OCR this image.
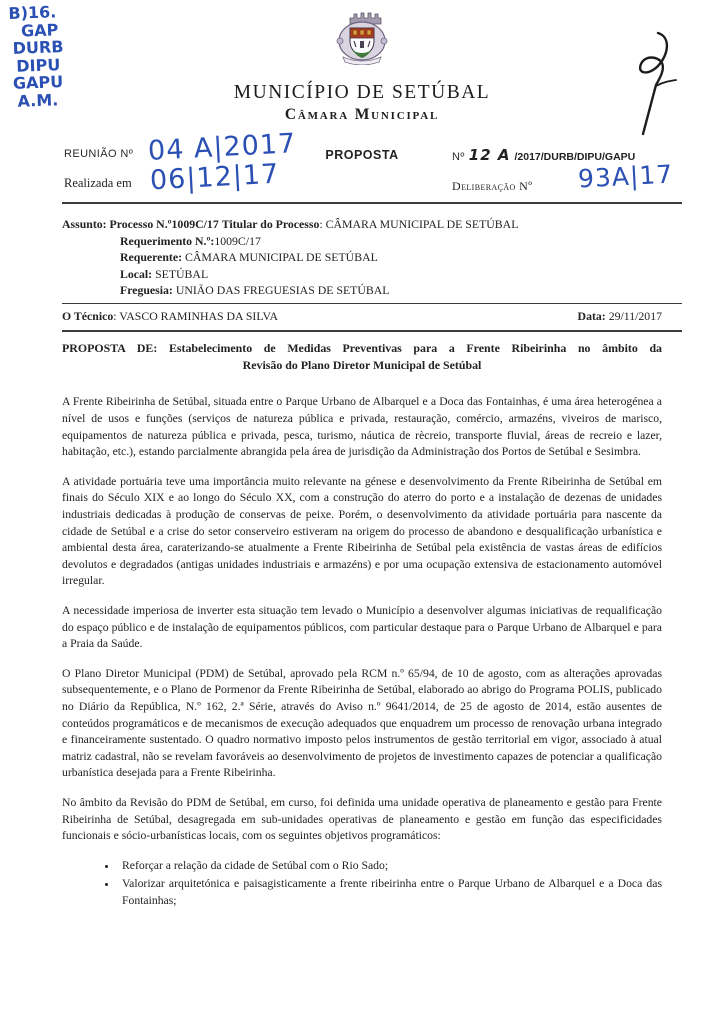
B)16.
GAP
DURB
DIPU
GAPU
A.M.	MUNICÍPIO DE SETÚBAL
Câmara Municipal
REUNIÃO Nº 04 A|2017
Realizada em 06|12|17
PROPOSTA	Nº 12 A /2017/DURB/DIPU/GAPU
Deliberação Nº 93A|17
Assunto: Processo N.º1009C/17 Titular do Processo: CÂMARA MUNICIPAL DE SETÚBAL
Requerimento N.º:1009C/17
Requerente: CÂMARA MUNICIPAL DE SETÚBAL
Local: SETÚBAL
Freguesia: UNIÃO DAS FREGUESIAS DE SETÚBAL
O Técnico: VASCO RAMINHAS DA SILVA	Data: 29/11/2017
PROPOSTA DE: Estabelecimento de Medidas Preventivas para a Frente Ribeirinha no âmbito da
Revisão do Plano Diretor Municipal de Setúbal

A Frente Ribeirinha de Setúbal, situada entre o Parque Urbano de Albarquel e a Doca das Fontainhas, é uma área heterogénea a nível de usos e funções (serviços de natureza pública e privada, restauração, comércio, armazéns, viveiros de marisco, equipamentos de natureza pública e privada, pesca, turismo, náutica de rècreio, transporte fluvial, áreas de recreio e lazer, habitação, etc.), estando parcialmente abrangida pela área de jurisdição da Administração dos Portos de Setúbal e Sesimbra.

A atividade portuária teve uma importância muito relevante na génese e desenvolvimento da Frente Ribeirinha de Setúbal em finais do Século XIX e ao longo do Século XX, com a construção do aterro do porto e a instalação de dezenas de unidades industriais dedicadas à produção de conservas de peixe. Porém, o desenvolvimento da atividade portuária para nascente da cidade de Setúbal e a crise do setor conserveiro estiveram na origem do processo de abandono e desqualificação urbanística e ambiental desta área, caraterizando-se atualmente a Frente Ribeirinha de Setúbal pela existência de vastas áreas de edifícios devolutos e degradados (antigas unidades industriais e armazéns) e por uma ocupação extensiva de estacionamento automóvel irregular.

A necessidade imperiosa de inverter esta situação tem levado o Município a desenvolver algumas iniciativas de requalificação do espaço público e de instalação de equipamentos públicos, com particular destaque para o Parque Urbano de Albarquel e para a Praia da Saúde.

O Plano Diretor Municipal (PDM) de Setúbal, aprovado pela RCM n.º 65/94, de 10 de agosto, com as alterações aprovadas subsequentemente, e o Plano de Pormenor da Frente Ribeirinha de Setúbal, elaborado ao abrigo do Programa POLIS, publicado no Diário da República, N.º 162, 2.ª Série, através do Aviso n.º 9641/2014, de 25 de agosto de 2014, estão ausentes de conteúdos programáticos e de mecanismos de execução adequados que enquadrem um processo de renovação urbana integrado e financeiramente sustentado. O quadro normativo imposto pelos instrumentos de gestão territorial em vigor, associado à atual matriz cadastral, não se revelam favoráveis ao desenvolvimento de projetos de investimento capazes de potenciar a qualificação urbanística desejada para a Frente Ribeirinha.

No âmbito da Revisão do PDM de Setúbal, em curso, foi definida uma unidade operativa de planeamento e gestão para Frente Ribeirinha de Setúbal, desagregada em sub-unidades operativas de planeamento e gestão em função das especificidades funcionais e sócio-urbanísticas locais, com os seguintes objetivos programáticos:

• Reforçar a relação da cidade de Setúbal com o Rio Sado;
• Valorizar arquitetónica e paisagisticamente a frente ribeirinha entre o Parque Urbano de Albarquel e a Doca das Fontainhas;
